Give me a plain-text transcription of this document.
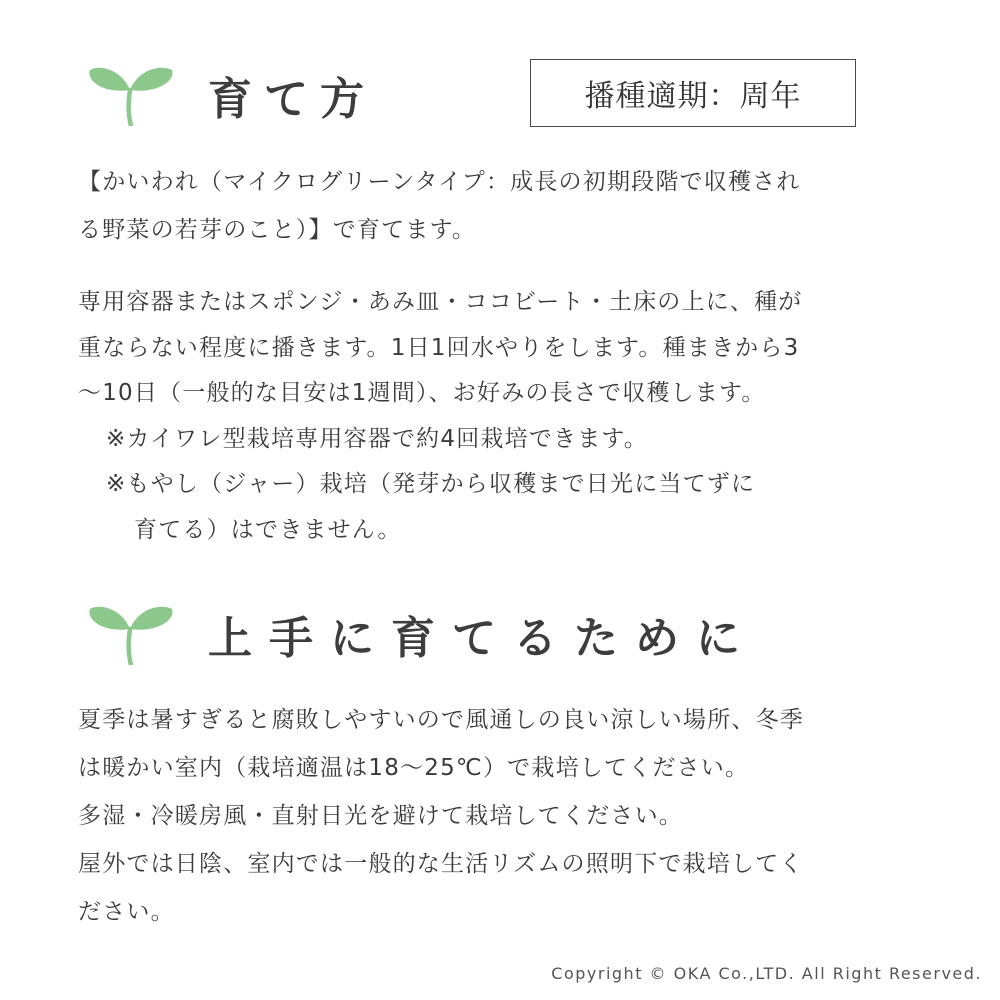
育て方	播種適期：周年
【かいわれ（マイクログリーンタイプ：成長の初期段階で収穫され
る野菜の若芽のこと）】で育てます。
専用容器またはスポンジ・あみ皿・ココビート・土床の上に、種が
重ならない程度に播きます。1日1回水やりをします。種まきから3
～10日（一般的な目安は1週間）、お好みの長さで収穫します。
※カイワレ型栽培専用容器で約4回栽培できます。
※もやし（ジャー）栽培（発芽から収穫まで日光に当てずに
育てる）はできません。
上手に育てるために
夏季は暑すぎると腐敗しやすいので風通しの良い涼しい場所、冬季
は暖かい室内（栽培適温は18～25℃）で栽培してください。
多湿・冷暖房風・直射日光を避けて栽培してください。
屋外では日陰、室内では一般的な生活リズムの照明下で栽培してく
ださい。
Copyright © OKA Co.,LTD. All Right Reserved.
